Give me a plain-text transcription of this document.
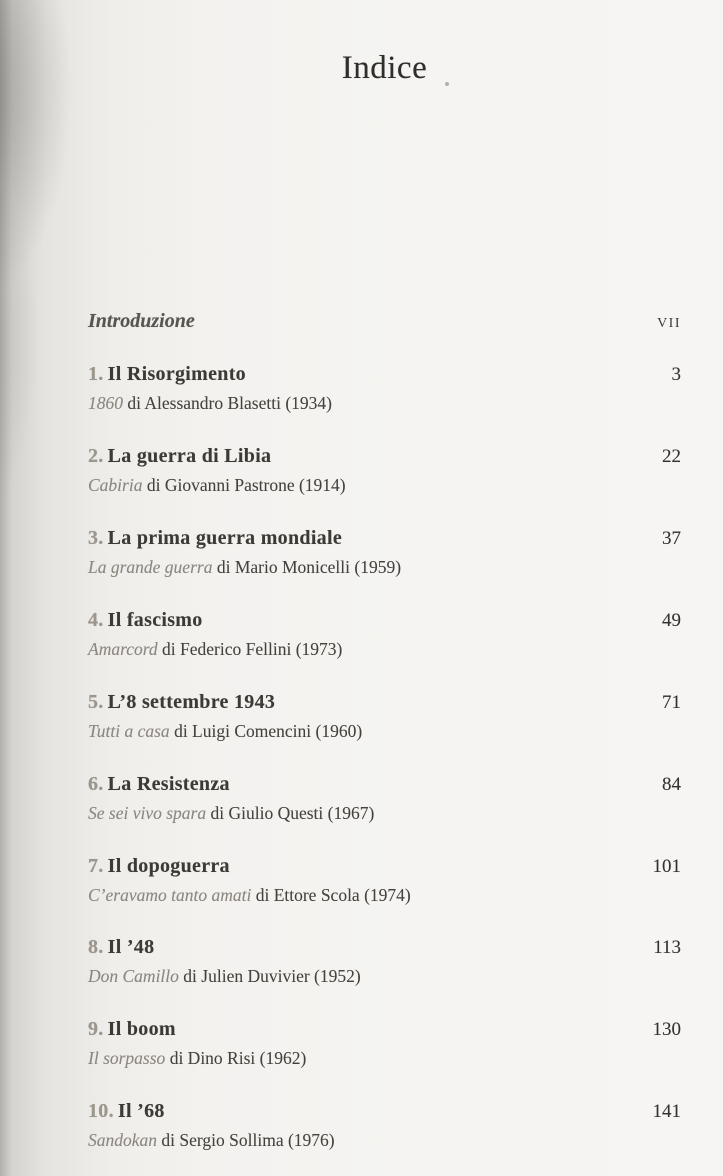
Indice
Introduzione	VII
1. Il Risorgimento	3
1860 di Alessandro Blasetti (1934)
2. La guerra di Libia	22
Cabiria di Giovanni Pastrone (1914)
3. La prima guerra mondiale	37
La grande guerra di Mario Monicelli (1959)
4. Il fascismo	49
Amarcord di Federico Fellini (1973)
5. L’8 settembre 1943	71
Tutti a casa di Luigi Comencini (1960)
6. La Resistenza	84
Se sei vivo spara di Giulio Questi (1967)
7. Il dopoguerra	101
C’eravamo tanto amati di Ettore Scola (1974)
8. Il ’48	113
Don Camillo di Julien Duvivier (1952)
9. Il boom	130
Il sorpasso di Dino Risi (1962)
10. Il ’68	141
Sandokan di Sergio Sollima (1976)
